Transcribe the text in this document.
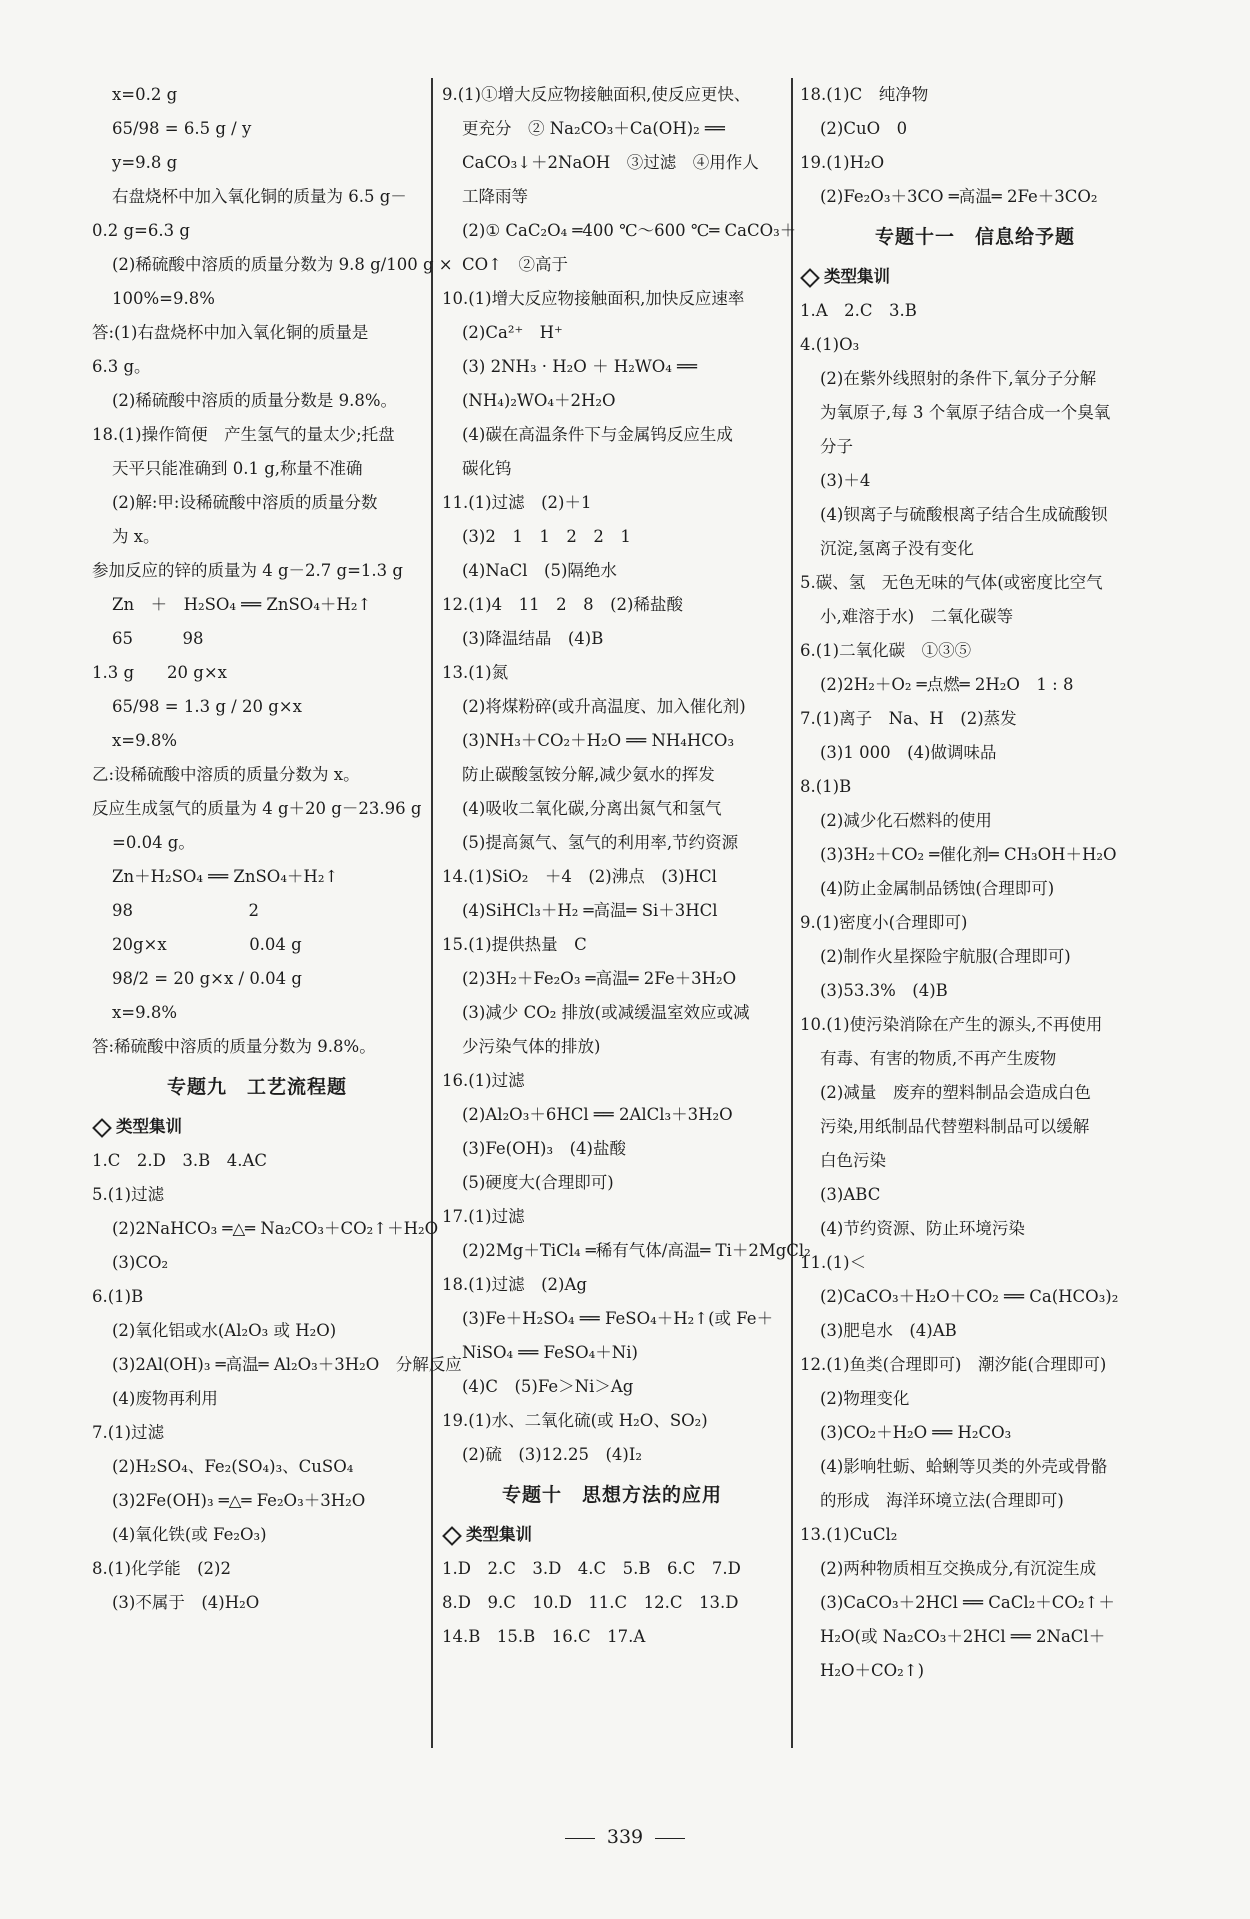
x=0.2 g
65/98 = 6.5 g / y
y=9.8 g
右盘烧杯中加入氧化铜的质量为 6.5 g－
0.2 g=6.3 g
(2)稀硫酸中溶质的质量分数为 9.8 g/100 g ×
100%=9.8%
答:(1)右盘烧杯中加入氧化铜的质量是
6.3 g。
(2)稀硫酸中溶质的质量分数是 9.8%。
18.(1)操作简便　产生氢气的量太少;托盘
天平只能准确到 0.1 g,称量不准确
(2)解:甲:设稀硫酸中溶质的质量分数
为 x。
参加反应的锌的质量为 4 g－2.7 g=1.3 g
Zn　＋　H₂SO₄ ══ ZnSO₄＋H₂↑
65　　　98
1.3 g　　20 g×x
65/98 = 1.3 g / 20 g×x
x=9.8%
乙:设稀硫酸中溶质的质量分数为 x。
反应生成氢气的质量为 4 g＋20 g－23.96 g
=0.04 g。
Zn＋H₂SO₄ ══ ZnSO₄＋H₂↑
98　　　　　　　2
20g×x　　　　　0.04 g
98/2 = 20 g×x / 0.04 g
x=9.8%
答:稀硫酸中溶质的质量分数为 9.8%。
专题九　工艺流程题
类型集训
1.C　2.D　3.B　4.AC
5.(1)过滤
(2)2NaHCO₃ ═△═ Na₂CO₃＋CO₂↑＋H₂O
(3)CO₂
6.(1)B
(2)氧化铝或水(Al₂O₃ 或 H₂O)
(3)2Al(OH)₃ ═高温═ Al₂O₃＋3H₂O　分解反应
(4)废物再利用
7.(1)过滤
(2)H₂SO₄、Fe₂(SO₄)₃、CuSO₄
(3)2Fe(OH)₃ ═△═ Fe₂O₃＋3H₂O
(4)氧化铁(或 Fe₂O₃)
8.(1)化学能　(2)2
(3)不属于　(4)H₂O
9.(1)①增大反应物接触面积,使反应更快、
更充分　② Na₂CO₃＋Ca(OH)₂ ══
CaCO₃↓＋2NaOH　③过滤　④用作人
工降雨等
(2)① CaC₂O₄ ═400 ℃～600 ℃═ CaCO₃＋
CO↑　②高于
10.(1)增大反应物接触面积,加快反应速率
(2)Ca²⁺　H⁺
(3) 2NH₃ · H₂O ＋ H₂WO₄ ══
(NH₄)₂WO₄＋2H₂O
(4)碳在高温条件下与金属钨反应生成
碳化钨
11.(1)过滤　(2)＋1
(3)2　1　1　2　2　1
(4)NaCl　(5)隔绝水
12.(1)4　11　2　8　(2)稀盐酸
(3)降温结晶　(4)B
13.(1)氮
(2)将煤粉碎(或升高温度、加入催化剂)
(3)NH₃＋CO₂＋H₂O ══ NH₄HCO₃
防止碳酸氢铵分解,减少氨水的挥发
(4)吸收二氧化碳,分离出氮气和氢气
(5)提高氮气、氢气的利用率,节约资源
14.(1)SiO₂　＋4　(2)沸点　(3)HCl
(4)SiHCl₃＋H₂ ═高温═ Si＋3HCl
15.(1)提供热量　C
(2)3H₂＋Fe₂O₃ ═高温═ 2Fe＋3H₂O
(3)减少 CO₂ 排放(或减缓温室效应或减
少污染气体的排放)
16.(1)过滤
(2)Al₂O₃＋6HCl ══ 2AlCl₃＋3H₂O
(3)Fe(OH)₃　(4)盐酸
(5)硬度大(合理即可)
17.(1)过滤
(2)2Mg＋TiCl₄ ═稀有气体/高温═ Ti＋2MgCl₂
18.(1)过滤　(2)Ag
(3)Fe＋H₂SO₄ ══ FeSO₄＋H₂↑(或 Fe＋
NiSO₄ ══ FeSO₄＋Ni)
(4)C　(5)Fe＞Ni＞Ag
19.(1)水、二氧化硫(或 H₂O、SO₂)
(2)硫　(3)12.25　(4)I₂
专题十　思想方法的应用
类型集训
1.D　2.C　3.D　4.C　5.B　6.C　7.D
8.D　9.C　10.D　11.C　12.C　13.D
14.B　15.B　16.C　17.A
18.(1)C　纯净物
(2)CuO　0
19.(1)H₂O
(2)Fe₂O₃＋3CO ═高温═ 2Fe＋3CO₂
专题十一　信息给予题
类型集训
1.A　2.C　3.B
4.(1)O₃
(2)在紫外线照射的条件下,氧分子分解
为氧原子,每 3 个氧原子结合成一个臭氧
分子
(3)＋4
(4)钡离子与硫酸根离子结合生成硫酸钡
沉淀,氢离子没有变化
5.碳、氢　无色无味的气体(或密度比空气
小,难溶于水)　二氧化碳等
6.(1)二氧化碳　①③⑤
(2)2H₂＋O₂ ═点燃═ 2H₂O　1 : 8
7.(1)离子　Na、H　(2)蒸发
(3)1 000　(4)做调味品
8.(1)B
(2)减少化石燃料的使用
(3)3H₂＋CO₂ ═催化剂═ CH₃OH＋H₂O
(4)防止金属制品锈蚀(合理即可)
9.(1)密度小(合理即可)
(2)制作火星探险宇航服(合理即可)
(3)53.3%　(4)B
10.(1)使污染消除在产生的源头,不再使用
有毒、有害的物质,不再产生废物
(2)减量　废弃的塑料制品会造成白色
污染,用纸制品代替塑料制品可以缓解
白色污染
(3)ABC
(4)节约资源、防止环境污染
11.(1)＜
(2)CaCO₃＋H₂O＋CO₂ ══ Ca(HCO₃)₂
(3)肥皂水　(4)AB
12.(1)鱼类(合理即可)　潮汐能(合理即可)
(2)物理变化
(3)CO₂＋H₂O ══ H₂CO₃
(4)影响牡蛎、蛤蜊等贝类的外壳或骨骼
的形成　海洋环境立法(合理即可)
13.(1)CuCl₂
(2)两种物质相互交换成分,有沉淀生成
(3)CaCO₃＋2HCl ══ CaCl₂＋CO₂↑＋
H₂O(或 Na₂CO₃＋2HCl ══ 2NaCl＋
H₂O＋CO₂↑)
339
